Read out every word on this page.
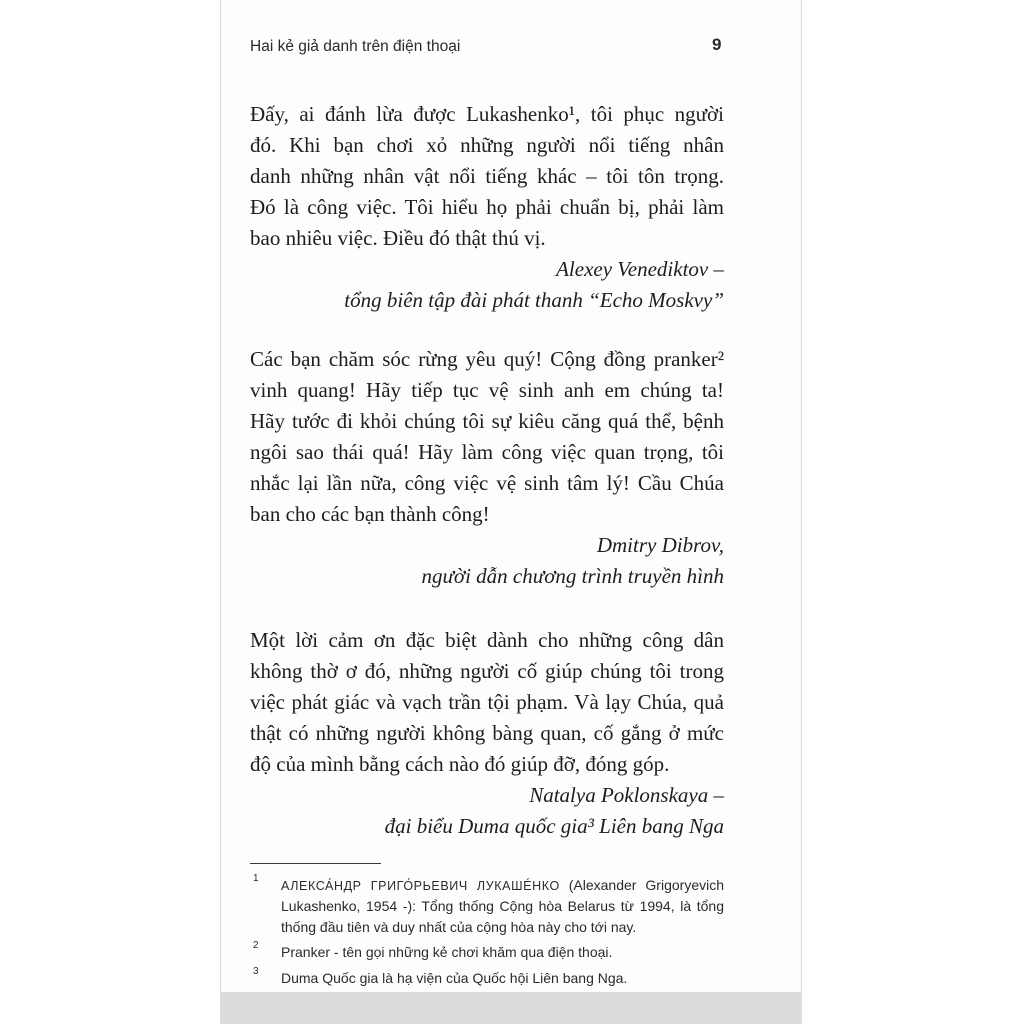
Hai kẻ giả danh trên điện thoại	9
Đấy, ai đánh lừa được Lukashenko¹, tôi phục người
đó. Khi bạn chơi xỏ những người nổi tiếng nhân
danh những nhân vật nổi tiếng khác – tôi tôn trọng.
Đó là công việc. Tôi hiểu họ phải chuẩn bị, phải làm
bao nhiêu việc. Điều đó thật thú vị.
Alexey Venediktov –
tổng biên tập đài phát thanh “Echo Moskvy”
Các bạn chăm sóc rừng yêu quý! Cộng đồng pranker²
vinh quang! Hãy tiếp tục vệ sinh anh em chúng ta!
Hãy tước đi khỏi chúng tôi sự kiêu căng quá thể, bệnh
ngôi sao thái quá! Hãy làm công việc quan trọng, tôi
nhắc lại lần nữa, công việc vệ sinh tâm lý! Cầu Chúa
ban cho các bạn thành công!
Dmitry Dibrov,
người dẫn chương trình truyền hình
Một lời cảm ơn đặc biệt dành cho những công dân
không thờ ơ đó, những người cố giúp chúng tôi trong
việc phát giác và vạch trần tội phạm. Và lạy Chúa, quả
thật có những người không bàng quan, cố gắng ở mức
độ của mình bằng cách nào đó giúp đỡ, đóng góp.
Natalya Poklonskaya –
đại biểu Duma quốc gia³ Liên bang Nga
1
АЛЕКСА́НДР ГРИГО́РЬЕВИЧ ЛУКАШЕ́НКО (Alexander Grigoryevich
Lukashenko, 1954 -): Tổng thống Cộng hòa Belarus từ 1994, là tổng
thống đầu tiên và duy nhất của cộng hòa này cho tới nay.
2 Pranker - tên gọi những kẻ chơi khăm qua điện thoại.
3 Duma Quốc gia là hạ viện của Quốc hội Liên bang Nga.
